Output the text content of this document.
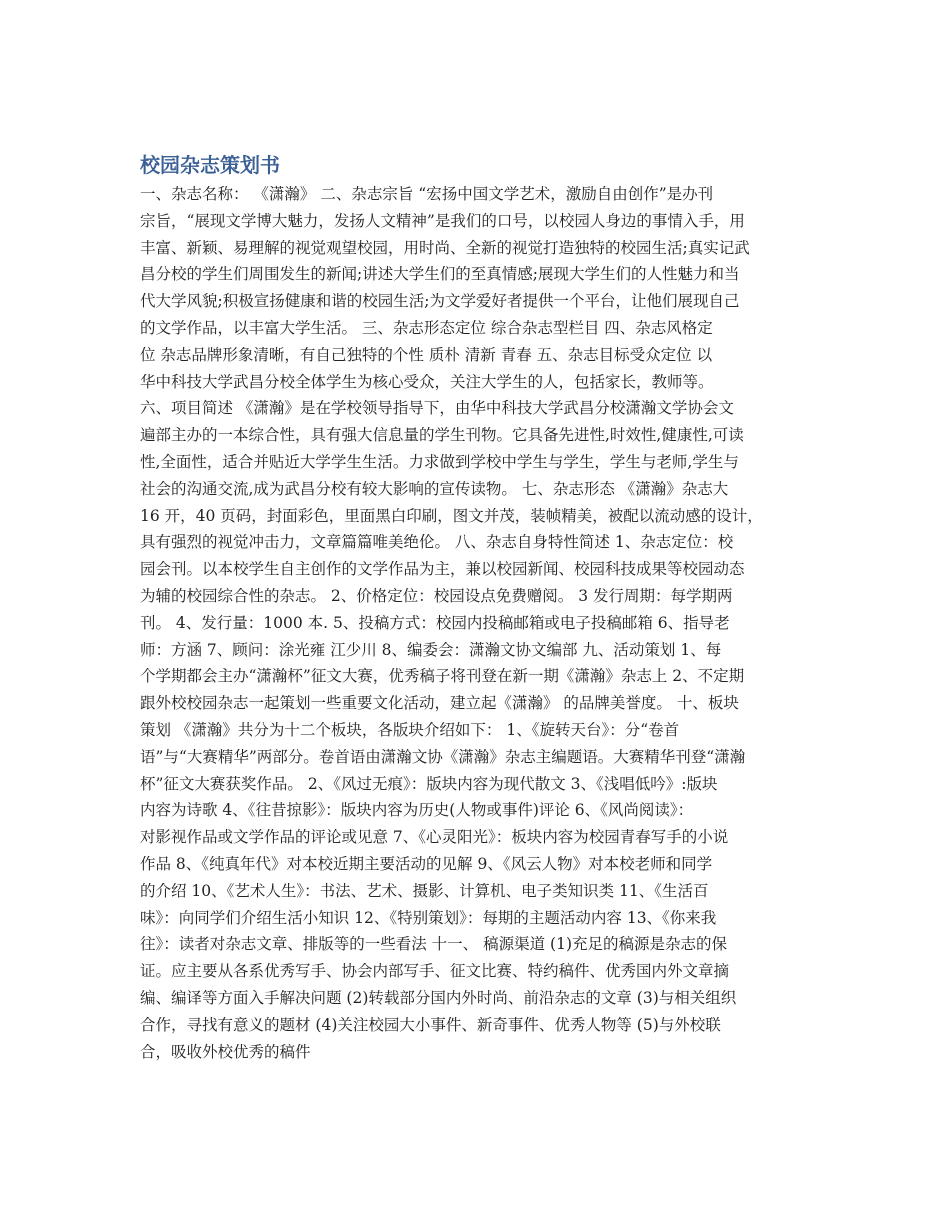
校园杂志策划书
一、杂志名称： 《潇瀚》 二、杂志宗旨 “宏扬中国文学艺术，激励自由创作”是办刊
宗旨，“展现文学博大魅力，发扬人文精神”是我们的口号，以校园人身边的事情入手，用
丰富、新颖、易理解的视觉观望校园，用时尚、全新的视觉打造独特的校园生活;真实记武
昌分校的学生们周围发生的新闻;讲述大学生们的至真情感;展现大学生们的人性魅力和当
代大学风貌;积极宣扬健康和谐的校园生活;为文学爱好者提供一个平台，让他们展现自己
的文学作品，以丰富大学生活。 三、杂志形态定位 综合杂志型栏目 四、杂志风格定
位 杂志品牌形象清晰，有自己独特的个性 质朴 清新 青春 五、杂志目标受众定位 以
华中科技大学武昌分校全体学生为核心受众，关注大学生的人，包括家长，教师等。
六、项目简述 《潇瀚》是在学校领导指导下，由华中科技大学武昌分校潇瀚文学协会文
遍部主办的一本综合性，具有强大信息量的学生刊物。它具备先进性,时效性,健康性,可读
性,全面性，适合并贴近大学学生生活。力求做到学校中学生与学生，学生与老师,学生与
社会的沟通交流,成为武昌分校有较大影响的宣传读物。 七、杂志形态 《潇瀚》杂志大
16 开，40 页码，封面彩色，里面黑白印刷，图文并茂，装帧精美，被配以流动感的设计，
具有强烈的视觉冲击力，文章篇篇唯美绝伦。 八、杂志自身特性简述 1、杂志定位：校
园会刊。以本校学生自主创作的文学作品为主，兼以校园新闻、校园科技成果等校园动态
为辅的校园综合性的杂志。 2、价格定位：校园设点免费赠阅。 3 发行周期：每学期两
刊。 4、发行量：1000 本. 5、投稿方式：校园内投稿邮箱或电子投稿邮箱 6、指导老
师：方涵 7、顾问：涂光雍 江少川 8、编委会：潇瀚文协文编部 九、活动策划 1、每
个学期都会主办“潇瀚杯”征文大赛，优秀稿子将刊登在新一期《潇瀚》杂志上 2、不定期
跟外校校园杂志一起策划一些重要文化活动，建立起《潇瀚》 的品牌美誉度。 十、板块
策划 《潇瀚》共分为十二个板块，各版块介绍如下： 1、《旋转天台》：分“卷首
语”与“大赛精华”两部分。卷首语由潇瀚文协《潇瀚》杂志主编题语。大赛精华刊登“潇瀚
杯”征文大赛获奖作品。 2、《风过无痕》：版块内容为现代散文 3、《浅唱低吟》:版块
内容为诗歌 4、《往昔掠影》：版块内容为历史(人物或事件)评论 6、《风尚阅读》：
对影视作品或文学作品的评论或见意 7、《心灵阳光》：板块内容为校园青春写手的小说
作品 8、《纯真年代》对本校近期主要活动的见解 9、《风云人物》对本校老师和同学
的介绍 10、《艺术人生》：书法、艺术、摄影、计算机、电子类知识类 11、《生活百
味》：向同学们介绍生活小知识 12、《特别策划》：每期的主题活动内容 13、《你来我
往》：读者对杂志文章、排版等的一些看法 十一、 稿源渠道 (1)充足的稿源是杂志的保
证。应主要从各系优秀写手、协会内部写手、征文比赛、特约稿件、优秀国内外文章摘
编、编译等方面入手解决问题 (2)转载部分国内外时尚、前沿杂志的文章 (3)与相关组织
合作，寻找有意义的题材 (4)关注校园大小事件、新奇事件、优秀人物等 (5)与外校联
合，吸收外校优秀的稿件
